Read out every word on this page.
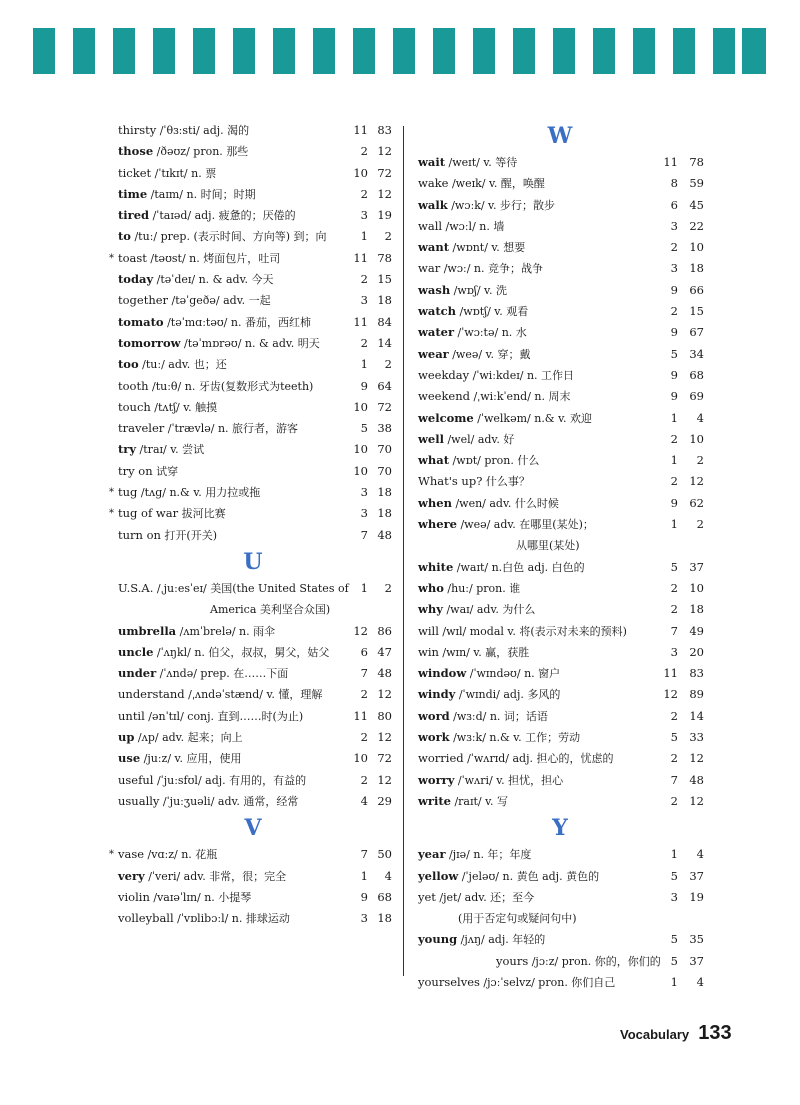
thirsty /ˈθɜːsti/ adj. 渴的	11 83
those /ðəʊz/ pron. 那些	2 12
ticket /ˈtɪkɪt/ n. 票	10 72
time /taɪm/ n. 时间；时期	2 12
tired /ˈtaɪəd/ adj. 疲惫的；厌倦的	3 19
to /tuː/ prep. (表示时间、方向等) 到；向	1	2
* toast /təʊst/ n. 烤面包片，吐司	11 78
today /təˈdeɪ/ n. & adv. 今天	2 15
together /təˈgeðə/ adv. 一起	3 18
tomato /təˈmɑːtəʊ/ n. 番茄，西红柿	11 84
tomorrow /təˈmɒrəʊ/ n. & adv. 明天	2 14
too /tuː/ adv. 也；还	1	2
tooth /tuːθ/ n. 牙齿(复数形式为teeth)	9 64
touch /tʌtʃ/ v. 触摸	10 72
traveler /ˈtrævlə/ n. 旅行者，游客	5 38
try /traɪ/ v. 尝试	10 70
try on 试穿	10 70
* tug /tʌg/ n.& v. 用力拉或拖	3 18
* tug of war 拔河比赛	3 18
turn on 打开(开关)	7 48
U
U.S.A. /ˌjuːesˈeɪ/ 美国(the United States of	1	2
America 美利坚合众国)
umbrella /ʌmˈbrelə/ n. 雨伞	12 86
uncle /ˈʌŋkl/ n. 伯父，叔叔，舅父，姑父	6 47
under /ˈʌndə/ prep. 在……下面	7 48
understand /ˌʌndəˈstænd/ v. 懂，理解	2 12
until /ənˈtɪl/ conj. 直到……时(为止)	11 80
up /ʌp/ adv. 起来；向上	2 12
use /juːz/ v. 应用，使用	10 72
useful /ˈjuːsfʊl/ adj. 有用的，有益的	2 12
usually /ˈjuːʒuəli/ adv. 通常，经常	4 29
V
* vase /vɑːz/ n. 花瓶	7 50
very /ˈveri/ adv. 非常，很；完全	1	4
violin /vaɪəˈlɪn/ n. 小提琴	9 68
volleyball /ˈvɒlibɔːl/ n. 排球运动	3 18
W
wait /weɪt/ v. 等待	11 78
wake /weɪk/ v. 醒，唤醒	8 59
walk /wɔːk/ v. 步行；散步	6 45
wall /wɔːl/ n. 墙	3 22
want /wɒnt/ v. 想要	2 10
war /wɔː/ n. 竞争；战争	3 18
wash /wɒʃ/ v. 洗	9 66
watch /wɒtʃ/ v. 观看	2 15
water /ˈwɔːtə/ n. 水	9 67
wear /weə/ v. 穿；戴	5 34
weekday /ˈwiːkdeɪ/ n. 工作日	9 68
weekend /ˌwiːkˈend/ n. 周末	9 69
welcome /ˈwelkəm/ n.& v. 欢迎	1	4
well /wel/ adv. 好	2 10
what /wɒt/ pron. 什么	1	2
What's up? 什么事？	2 12
when /wen/ adv. 什么时候	9 62
where /weə/ adv. 在哪里(某处)；	1	2
从哪里(某处)
white /waɪt/ n.白色 adj. 白色的	5 37
who /huː/ pron. 谁	2 10
why /waɪ/ adv. 为什么	2 18
will /wɪl/ modal v. 将(表示对未来的预料)	7 49
win /wɪn/ v. 赢，获胜	3 20
window /ˈwɪndəʊ/ n. 窗户	11 83
windy /ˈwɪndi/ adj. 多风的	12 89
word /wɜːd/ n. 词；话语	2 14
work /wɜːk/ n.& v. 工作；劳动	5 33
worried /ˈwʌrɪd/ adj. 担心的，忧虑的	2 12
worry /ˈwʌri/ v. 担忧，担心	7 48
write /raɪt/ v. 写	2 12
Y
year /jɪə/ n. 年；年度	1	4
yellow /ˈjeləʊ/ n. 黄色 adj. 黄色的	5 37
yet /jet/ adv. 还；至今	3 19
(用于否定句或疑问句中)
young /jʌŋ/ adj. 年轻的	5 35
yours /jɔːz/ pron. 你的，你们的 5 37
yourselves /jɔːˈselvz/ pron. 你们自己	1	4
Vocabulary 133
